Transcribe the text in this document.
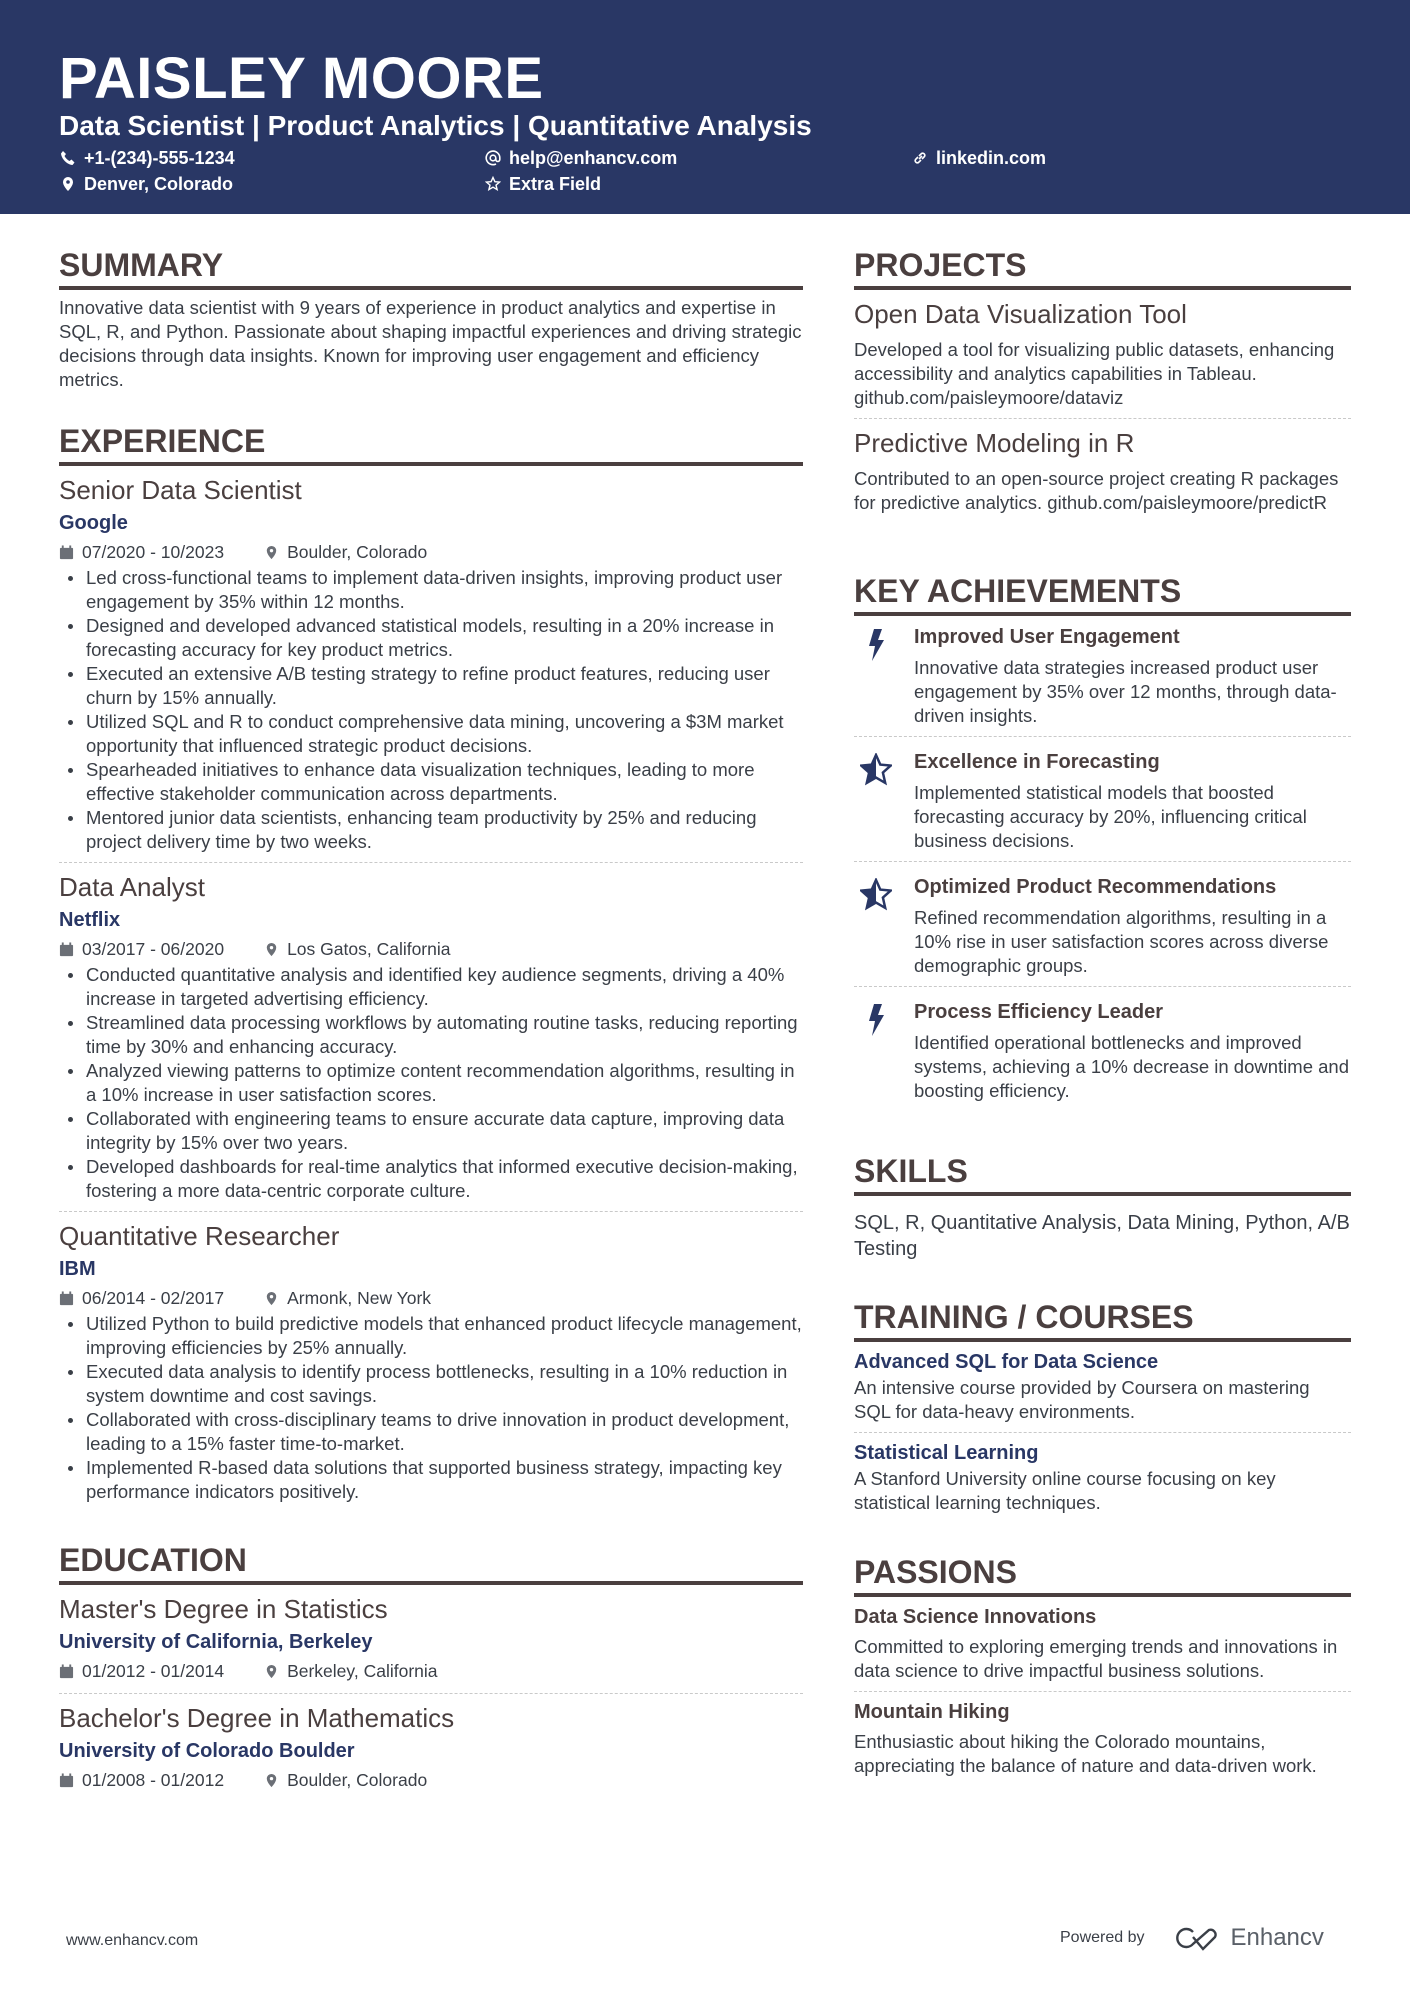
PAISLEY MOORE
Data Scientist | Product Analytics | Quantitative Analysis
+1-(234)-555-1234	help@enhancv.com	linkedin.com
Denver, Colorado	Extra Field
SUMMARY
Innovative data scientist with 9 years of experience in product analytics and expertise in SQL, R, and Python. Passionate about shaping impactful experiences and driving strategic decisions through data insights. Known for improving user engagement and efficiency metrics.
EXPERIENCE
Senior Data Scientist
Google
07/2020 - 10/2023	Boulder, Colorado
Led cross-functional teams to implement data-driven insights, improving product user engagement by 35% within 12 months.
Designed and developed advanced statistical models, resulting in a 20% increase in forecasting accuracy for key product metrics.
Executed an extensive A/B testing strategy to refine product features, reducing user churn by 15% annually.
Utilized SQL and R to conduct comprehensive data mining, uncovering a $3M market opportunity that influenced strategic product decisions.
Spearheaded initiatives to enhance data visualization techniques, leading to more effective stakeholder communication across departments.
Mentored junior data scientists, enhancing team productivity by 25% and reducing project delivery time by two weeks.
Data Analyst
Netflix
03/2017 - 06/2020	Los Gatos, California
Conducted quantitative analysis and identified key audience segments, driving a 40% increase in targeted advertising efficiency.
Streamlined data processing workflows by automating routine tasks, reducing reporting time by 30% and enhancing accuracy.
Analyzed viewing patterns to optimize content recommendation algorithms, resulting in a 10% increase in user satisfaction scores.
Collaborated with engineering teams to ensure accurate data capture, improving data integrity by 15% over two years.
Developed dashboards for real-time analytics that informed executive decision-making, fostering a more data-centric corporate culture.
Quantitative Researcher
IBM
06/2014 - 02/2017	Armonk, New York
Utilized Python to build predictive models that enhanced product lifecycle management, improving efficiencies by 25% annually.
Executed data analysis to identify process bottlenecks, resulting in a 10% reduction in system downtime and cost savings.
Collaborated with cross-disciplinary teams to drive innovation in product development, leading to a 15% faster time-to-market.
Implemented R-based data solutions that supported business strategy, impacting key performance indicators positively.
EDUCATION
Master's Degree in Statistics
University of California, Berkeley
01/2012 - 01/2014	Berkeley, California
Bachelor's Degree in Mathematics
University of Colorado Boulder
01/2008 - 01/2012	Boulder, Colorado
PROJECTS
Open Data Visualization Tool
Developed a tool for visualizing public datasets, enhancing accessibility and analytics capabilities in Tableau. github.com/paisleymoore/dataviz
Predictive Modeling in R
Contributed to an open-source project creating R packages for predictive analytics. github.com/paisleymoore/predictR
KEY ACHIEVEMENTS
Improved User Engagement
Innovative data strategies increased product user engagement by 35% over 12 months, through data-driven insights.
Excellence in Forecasting
Implemented statistical models that boosted forecasting accuracy by 20%, influencing critical business decisions.
Optimized Product Recommendations
Refined recommendation algorithms, resulting in a 10% rise in user satisfaction scores across diverse demographic groups.
Process Efficiency Leader
Identified operational bottlenecks and improved systems, achieving a 10% decrease in downtime and boosting efficiency.
SKILLS
SQL, R, Quantitative Analysis, Data Mining, Python, A/B Testing
TRAINING / COURSES
Advanced SQL for Data Science
An intensive course provided by Coursera on mastering SQL for data-heavy environments.
Statistical Learning
A Stanford University online course focusing on key statistical learning techniques.
PASSIONS
Data Science Innovations
Committed to exploring emerging trends and innovations in data science to drive impactful business solutions.
Mountain Hiking
Enthusiastic about hiking the Colorado mountains, appreciating the balance of nature and data-driven work.
www.enhancv.com	Powered by	Enhancv
